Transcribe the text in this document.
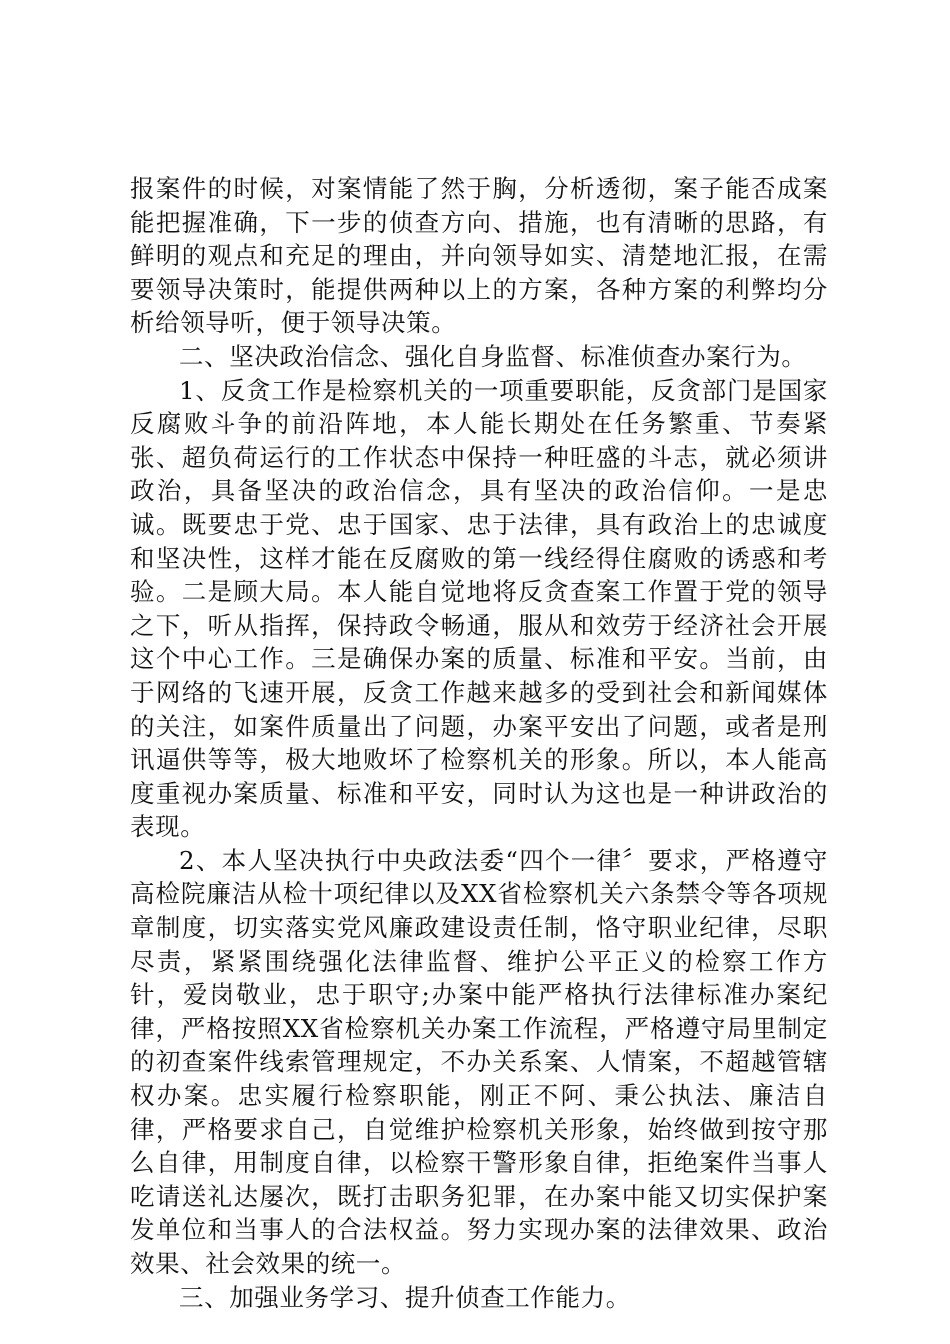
报案件的时候，对案情能了然于胸，分析透彻，案子能否成案能把握准确，下一步的侦查方向、措施，也有清晰的思路，有鲜明的观点和充足的理由，并向领导如实、清楚地汇报，在需要领导决策时，能提供两种以上的方案，各种方案的利弊均分析给领导听，便于领导决策。

二、坚决政治信念、强化自身监督、标准侦查办案行为。

1、反贪工作是检察机关的一项重要职能，反贪部门是国家反腐败斗争的前沿阵地，本人能长期处在任务繁重、节奏紧张、超负荷运行的工作状态中保持一种旺盛的斗志，就必须讲政治，具备坚决的政治信念，具有坚决的政治信仰。一是忠诚。既要忠于党、忠于国家、忠于法律，具有政治上的忠诚度和坚决性，这样才能在反腐败的第一线经得住腐败的诱惑和考验。二是顾大局。本人能自觉地将反贪查案工作置于党的领导之下，听从指挥，保持政令畅通，服从和效劳于经济社会开展这个中心工作。三是确保办案的质量、标准和平安。当前，由于网络的飞速开展，反贪工作越来越多的受到社会和新闻媒体的关注，如案件质量出了问题，办案平安出了问题，或者是刑讯逼供等等，极大地败坏了检察机关的形象。所以，本人能高度重视办案质量、标准和平安，同时认为这也是一种讲政治的表现。

2、本人坚决执行中央政法委“四个一律〞要求，严格遵守高检院廉洁从检十项纪律以及XX省检察机关六条禁令等各项规章制度，切实落实党风廉政建设责任制，恪守职业纪律，尽职尽责，紧紧围绕强化法律监督、维护公平正义的检察工作方针，爱岗敬业，忠于职守;办案中能严格执行法律标准办案纪律，严格按照XX省检察机关办案工作流程，严格遵守局里制定的初查案件线索管理规定，不办关系案、人情案，不超越管辖权办案。忠实履行检察职能，刚正不阿、秉公执法、廉洁自律，严格要求自己，自觉维护检察机关形象，始终做到按守那么自律，用制度自律，以检察干警形象自律，拒绝案件当事人吃请送礼达屡次，既打击职务犯罪，在办案中能又切实保护案发单位和当事人的合法权益。努力实现办案的法律效果、政治效果、社会效果的统一。

三、加强业务学习、提升侦查工作能力。
